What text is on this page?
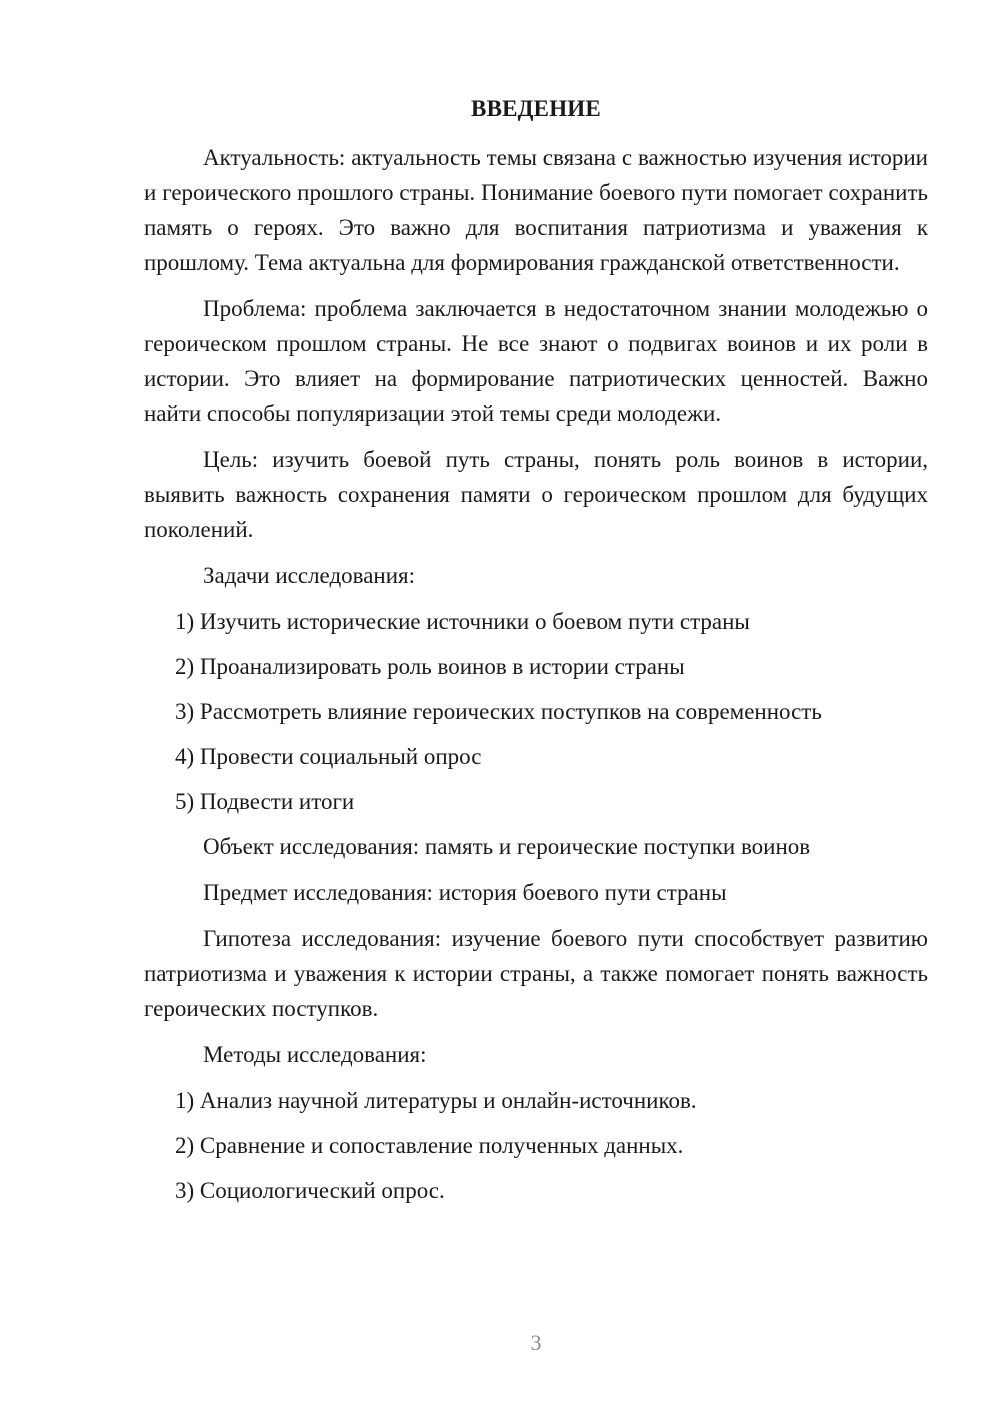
ВВЕДЕНИЕ

Актуальность: актуальность темы связана с важностью изучения истории и героического прошлого страны. Понимание боевого пути помогает сохранить память о героях. Это важно для воспитания патриотизма и уважения к прошлому. Тема актуальна для формирования гражданской ответственности.

Проблема: проблема заключается в недостаточном знании молодежью о героическом прошлом страны. Не все знают о подвигах воинов и их роли в истории. Это влияет на формирование патриотических ценностей. Важно найти способы популяризации этой темы среди молодежи.

Цель: изучить боевой путь страны, понять роль воинов в истории, выявить важность сохранения памяти о героическом прошлом для будущих поколений.

Задачи исследования:

1) Изучить исторические источники о боевом пути страны
2) Проанализировать роль воинов в истории страны
3) Рассмотреть влияние героических поступков на современность
4) Провести социальный опрос
5) Подвести итоги

Объект исследования: память и героические поступки воинов

Предмет исследования: история боевого пути страны

Гипотеза исследования: изучение боевого пути способствует развитию патриотизма и уважения к истории страны, а также помогает понять важность героических поступков.

Методы исследования:

1) Анализ научной литературы и онлайн-источников.
2) Сравнение и сопоставление полученных данных.
3) Социологический опрос.
3
